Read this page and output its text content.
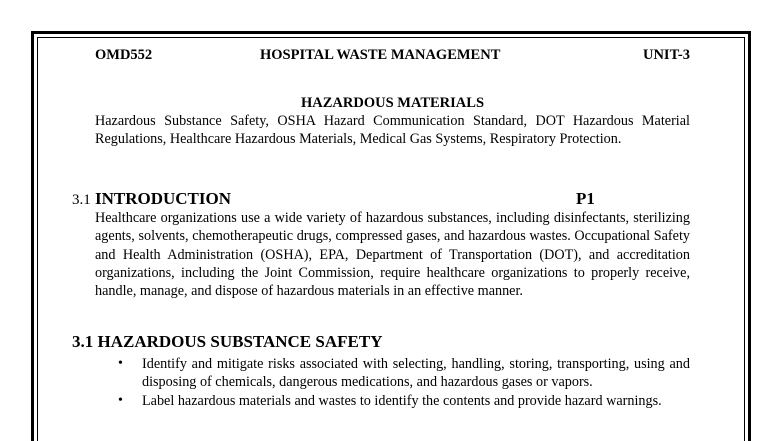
OMD552	HOSPITAL WASTE MANAGEMENT	UNIT-3
HAZARDOUS MATERIALS
Hazardous Substance Safety, OSHA Hazard Communication Standard, DOT Hazardous Material Regulations, Healthcare Hazardous Materials, Medical Gas Systems, Respiratory Protection.
3.1 INTRODUCTION	P1
Healthcare organizations use a wide variety of hazardous substances, including disinfectants, sterilizing agents, solvents, chemotherapeutic drugs, compressed gases, and hazardous wastes. Occupational Safety and Health Administration (OSHA), EPA, Department of Transportation (DOT), and accreditation organizations, including the Joint Commission, require healthcare organizations to properly receive, handle, manage, and dispose of hazardous materials in an effective manner.
3.1 HAZARDOUS SUBSTANCE SAFETY
• Identify and mitigate risks associated with selecting, handling, storing, transporting, using and disposing of chemicals, dangerous medications, and hazardous gases or vapors.
• Label hazardous materials and wastes to identify the contents and provide hazard warnings.
